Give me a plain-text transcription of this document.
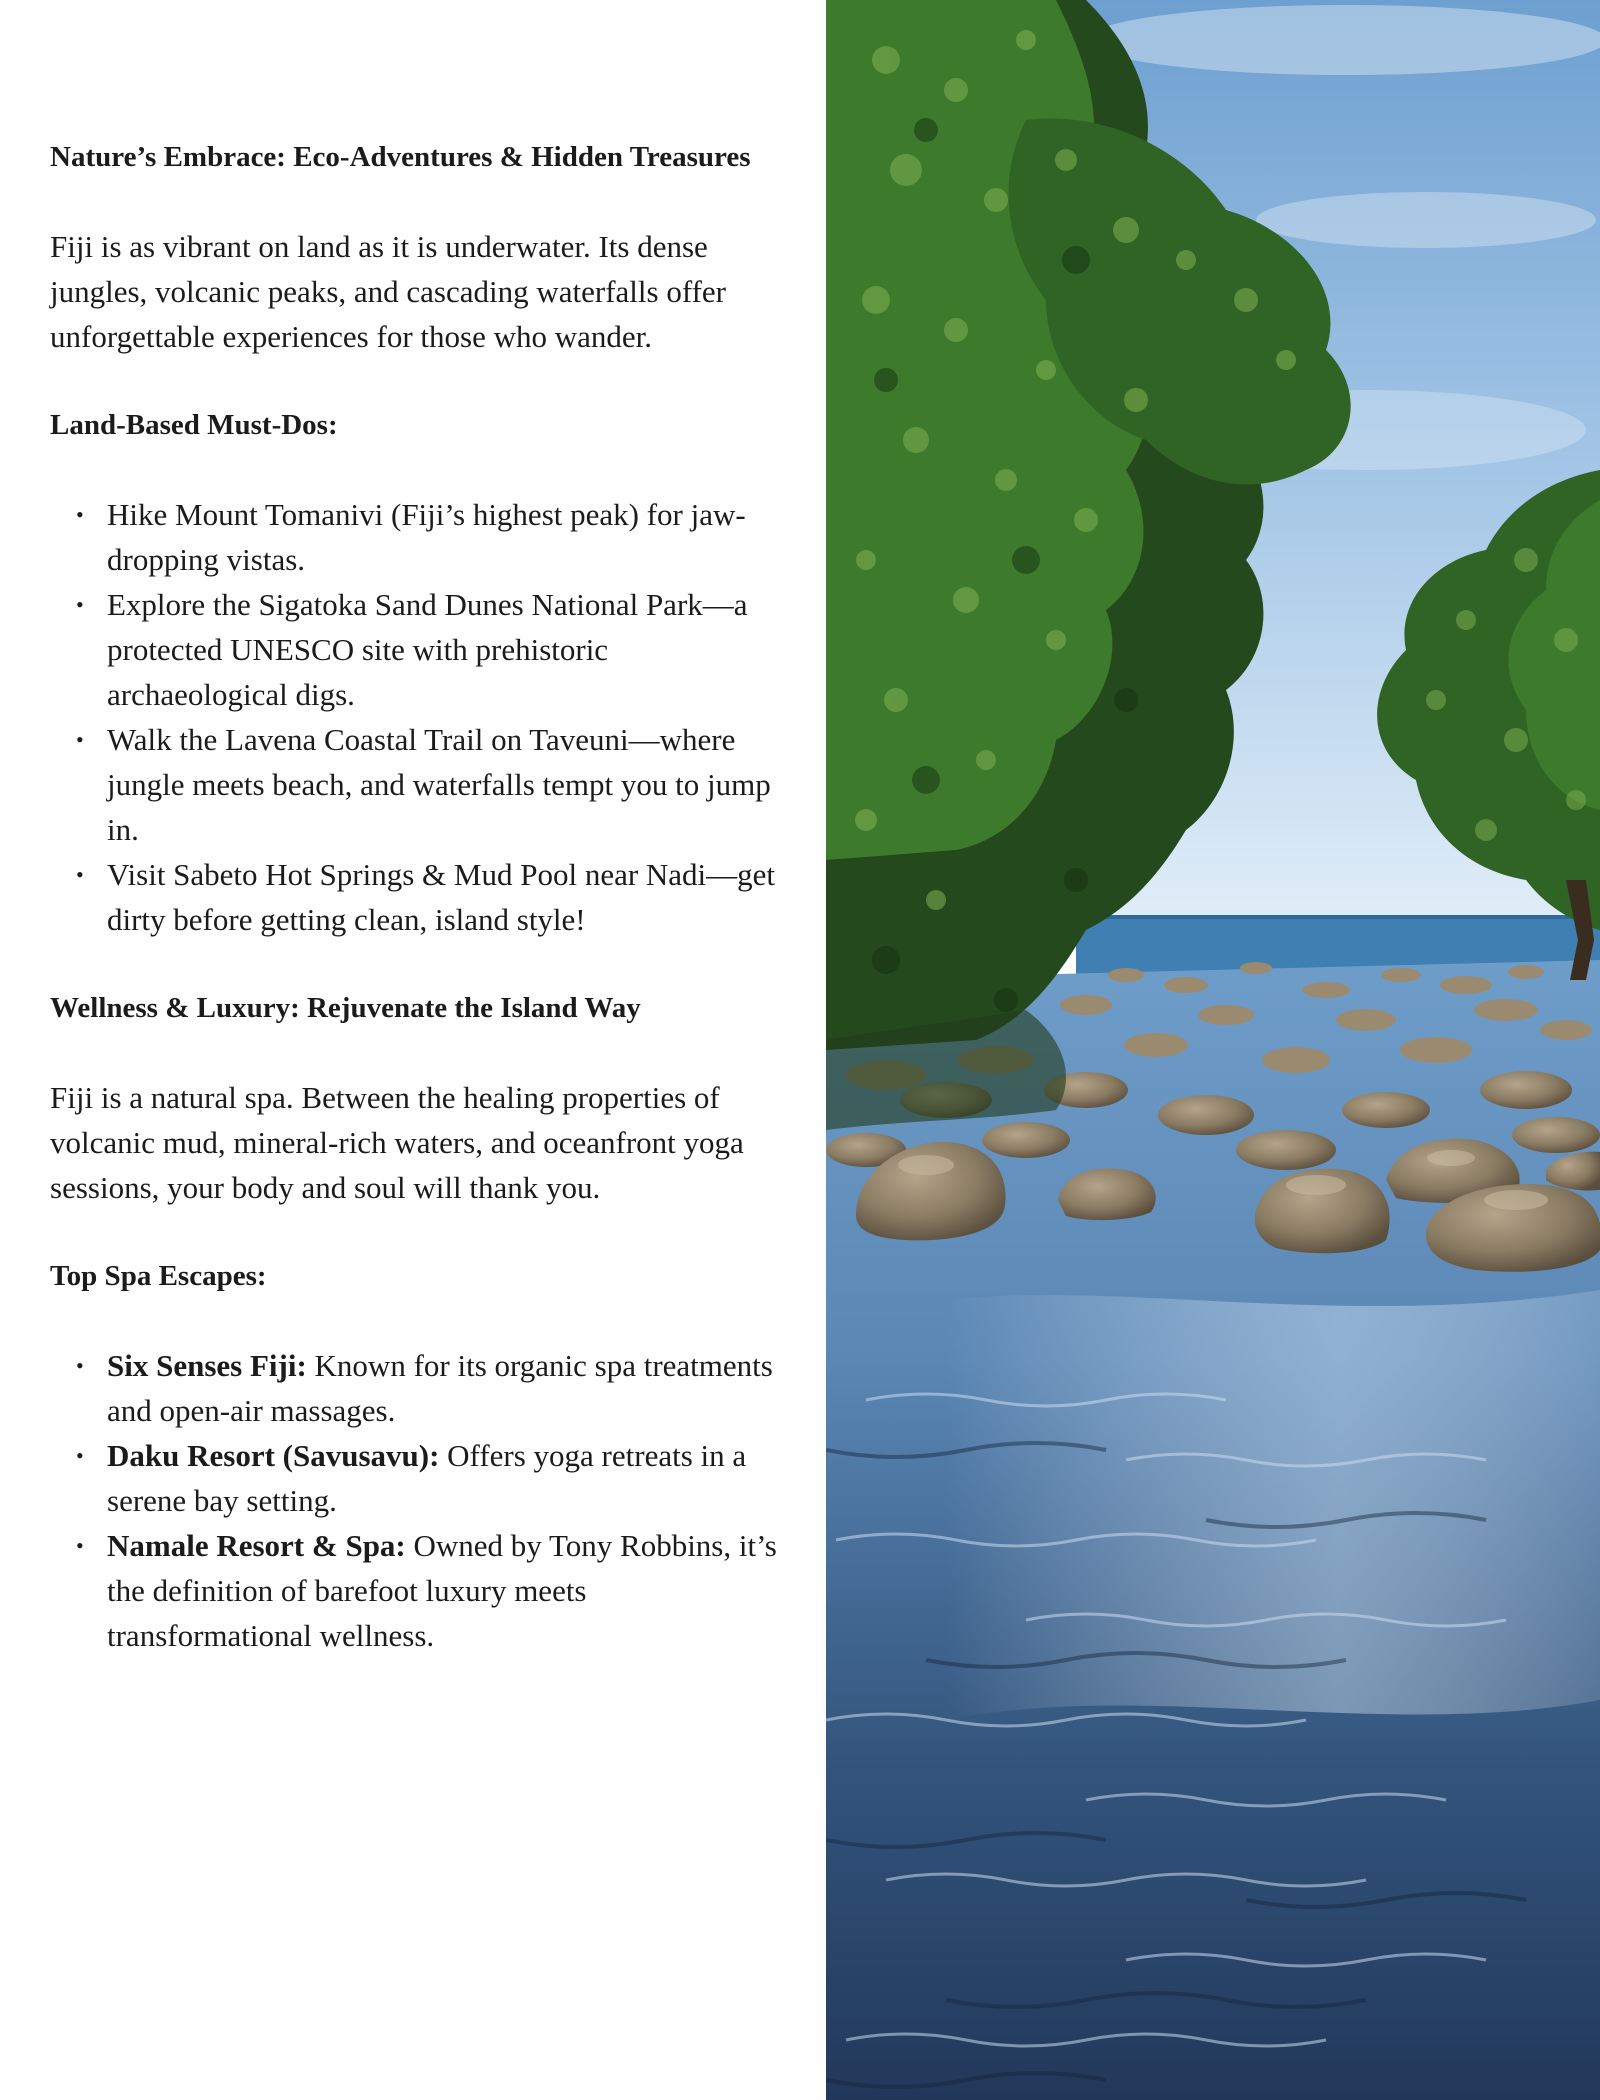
Nature’s Embrace: Eco-Adventures & Hidden Treasures

Fiji is as vibrant on land as it is underwater. Its dense jungles, volcanic peaks, and cascading waterfalls offer unforgettable experiences for those who wander.

Land-Based Must-Dos:
• Hike Mount Tomanivi (Fiji’s highest peak) for jaw-dropping vistas.
• Explore the Sigatoka Sand Dunes National Park—a protected UNESCO site with prehistoric archaeological digs.
• Walk the Lavena Coastal Trail on Taveuni—where jungle meets beach, and waterfalls tempt you to jump in.
• Visit Sabeto Hot Springs & Mud Pool near Nadi—get dirty before getting clean, island style!
Wellness & Luxury: Rejuvenate the Island Way

Fiji is a natural spa. Between the healing properties of volcanic mud, mineral-rich waters, and oceanfront yoga sessions, your body and soul will thank you.

Top Spa Escapes:
• Six Senses Fiji: Known for its organic spa treatments and open-air massages.
• Daku Resort (Savusavu): Offers yoga retreats in a serene bay setting.
• Namale Resort & Spa: Owned by Tony Robbins, it’s the definition of barefoot luxury meets transformational wellness.
